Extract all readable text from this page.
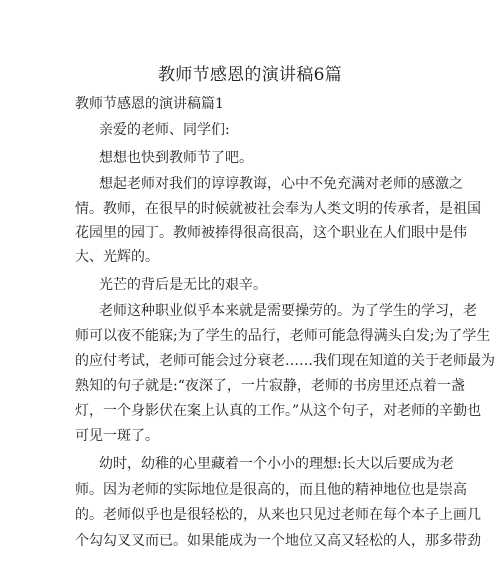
教师节感恩的演讲稿6篇
教师节感恩的演讲稿篇1
亲爱的老师、同学们:
想想也快到教师节了吧。
想起老师对我们的谆谆教诲，心中不免充满对老师的感激之
情。教师，在很早的时候就被社会奉为人类文明的传承者，是祖国
花园里的园丁。教师被捧得很高很高，这个职业在人们眼中是伟
大、光辉的。
光芒的背后是无比的艰辛。
老师这种职业似乎本来就是需要操劳的。为了学生的学习，老
师可以夜不能寐;为了学生的品行，老师可能急得满头白发;为了学生
的应付考试，老师可能会过分衰老……我们现在知道的关于老师最为
熟知的句子就是:“夜深了，一片寂静，老师的书房里还点着一盏
灯，一个身影伏在案上认真的工作。”从这个句子，对老师的辛勤也
可见一斑了。
幼时，幼稚的心里藏着一个小小的理想:长大以后要成为老
师。因为老师的实际地位是很高的，而且他的精神地位也是崇高
的。老师似乎也是很轻松的，从来也只见过老师在每个本子上画几
个勾勾叉叉而已。如果能成为一个地位又高又轻松的人，那多带劲
